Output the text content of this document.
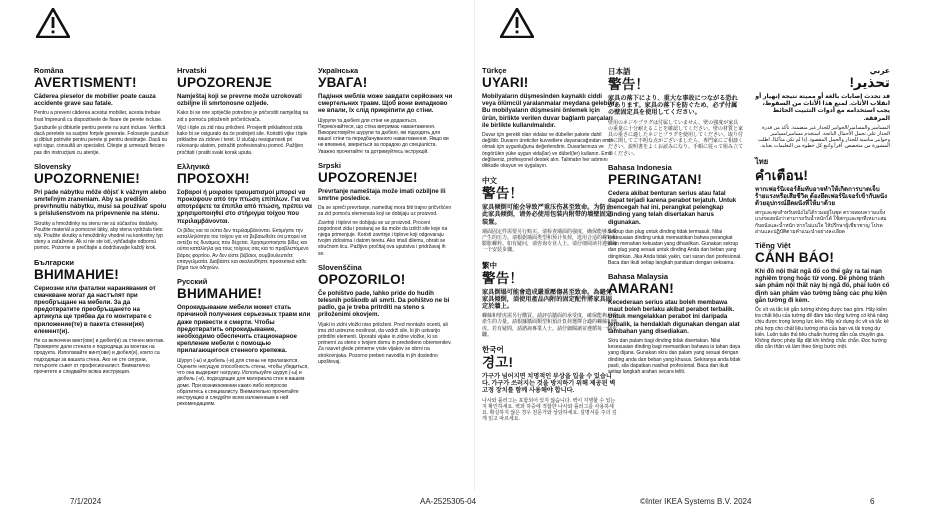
Româna
AVERTISMENT!
Căderea pieselor de mobilier poate cauza accidente grave sau fatale.
Pentru a preveni căderea acestui mobilier, acesta trebuie fixat împreună cu dispozitivele de fixare de perete incluse.
Şuruburile şi diblurile pentru perete nu sunt incluse. Verifică dacă peretele va susţine forţele generate. Foloseşte şuruburi şi dibluri potrivite pentru perete şi pentru destinaţie. Dacă nu eşti sigur, consultă un specialist. Citeşte şi urmează fiecare pas din instrucţiuni cu atenţie.
Slovensky
UPOZORNENIE!
Pri páde nábytku môže dôjsť k vážnym alebo smrteľným zraneniam. Aby sa predišlo prevrhnutiu nábytku, musí sa pouźívať spolu s príslušenstvom na pripevnenie na stenu.
Skrutky a hmoždinky na stenu nie sú súčasťou dodávky. Použite materiál a pomocné látky, aby stena vydržala tieto sily. Použite skrutky a hmoždinky vhodné na konkrétny typ steny a zaťaženie. Ak si nie ste istí, vyhľadajte odbornú pomoc. Pozorne si prečítajte a dodržiavajte každý krok.
Български
ВНИМАНИЕ!
Сериозни или фатални наранявания от смачкване могат да настъпят при преобръщане на мебели. За да предотвратите преобръщането на артикула ще трябва да го монтирате с приложение(те) в пакета стенни(ия) елемент(и).
Не са включени винт(ове) и дюбел(и) за стенен монтаж. Проверете дали стената е подходяща за монтаж на продукта. Използвайте винт(ове) и дюбел(и), които са подходящи за вашата стена. Ако не сте сигурни, потърсете съвет от професионалист. Внимателно прочетете и следвайте всяка инструкция.
Hrvatski
UPOZORENJE
Namještaj koji se prevrne može uzrokovati ozbiljne ili smrtonosne ozljede.
Kako bi se one spriječile potrebno je pričvrstiti namještaj na zid s pomoću priloženih pričvršćivača.
Vijci i tiple za zid nisu priloženi. Provjeriti prikladnost zida kako bi se osiguralo da će podnijeti sile. Koristiti vijke i tiple prikladne za zidove i teret. U slučaju nesigurnosti pri rukovanju alatom, potražiti profesionalnu pomoć. Pažljivo pročitati i pratiti svaki korak uputa.
Ελληνικά
ΠΡΟΣΟΧΗ!
Σοβαροί ή μοιραίοι τραυματισμοί μπορεί να προκύψουν από την πτώση επίπλων. Για να αποτρέψετε τα έπιπλα από πτώση, πρέπει να χρησιμοποιηθεί στο στήριγμα τοίχου που περιλαμβάνονται.
Οι βίδες και τα ούπα δεν περιλαμβάνονται. Εκτιμήστε την καταλληλότητα του τοίχου για να βεβαιωθείτε ότι μπορεί να αντέξει τις δυνάμεις που δέχεται. Χρησιμοποιήστε βίδες και ούπα κατάλληλα για τους τοίχους σας και το προβλεπόμενο βάρος φορτίου. Αν δεν είστε βέβαιοι, συμβουλευτείτε επαγγελματία. Διαβάστε και ακολουθήστε προσεκτικά κάθε βήμα των οδηγιών.
Русский
ВНИМАНИЕ!
Опрокидывание мебели может стать причиной получения серьезных травм или даже привести к смерти. Чтобы предотвратить опрокидывание, необходимо обеспечить стационарное крепление мебели с помощью прилагающегося стенного крепежа.
Шуруп (-ы) и дюбель (-и) для стены не прилагаются. Оцените несущую способность стены, чтобы убедиться, что она выдержит нагрузку. Используйте шуруп (-ы) и дюбель (-и), подходящие для материала стен в вашем доме. При возникновении каких-либо вопросов обратитесь к специалисту. Внимательно прочитайте инструкцию и следуйте всем изложенным в ней рекомендациям.
Українська
УВАГА!
Падіння меблів може завдати серйозних чи смертельних травм. Щоб вони випадково не впали, їх слід прикріпити до стіни.
Шурупи та дюбелі для стіни не додаються. Переконайтеся, що стіна витримає навантаження. Використовуйте шурупи та дюбелі, які підходять для вашої стіни та передбачуваного навантаження. Якщо ви не впевнені, зверніться за порадою до спеціаліста. Уважно прочитайте та дотримуйтесь інструкцій.
Srpski
UPOZORENJE!
Prevrtanje nameštaja može imati ozbiljne ili smrtne posledice.
Da se spreči prevrtanje, nameštaj mora biti trajno pričvršćen za zid pomoću elemenata koji se dobijaju uz proizvod.
Zavrtnji i tiplovi ne dobijaju se uz proizvod. Proceni pogodnost zida i postaraj se da može da izdrži sile koje na njega primenjuje. Koristi zavrtnje i tiplove koji odgovaraju tvojim zidovima i datom teretu. Ako imaš dilemu, obrati se stručnom licu. Pažljivo pročitaj ova uputstva i pridržavaj ih se.
Slovenščina
OPOZORILO!
Če pohištvo pade, lahko pride do hudih telesnih poškodb ali smrti. Da pohištvo ne bi padlo, ga je treba pritrditi na steno s priloženimi okovjem.
Vijaki in zidni vložki niso priloženi. Pred montažo ocenti, ali ima zid ustrezno nosilnost, da vzdrži sile, ki jih ustvarijo pritrdilni elementi. Uporabi vijake in zidne vložke, ki so primerni za steno v tvojem domu in predvideno obremenitev. Za nasvet glede primerne vrste vijakov se obrni na strokovnjaka. Pozorno preberi navodila in jih dosledno upoštevaj.
Türkçe
UYARI!
Mobilyaların düşmesinden kaynaklı ciddi veya ölümcül yaralanmalar meydana gelebilir. Bu mobilyaların düşmesini önlemek için ürün, birlikte verilen duvar bağlantı parçaları ile birlikte kullanılmalıdır.
Duvar için gerekli olan vidalar ve dübeller pakete dahil değildir. Duvarın üreticiler kuvvetlere dayanacağından emin olmak için uygunluğunu değerlendirin. Duvarlarınıza ve öngörülen yüke uygun vida(lar) ve dübel(ler) kullanın. Emin değilseniz, profesyonel destek alın. Talimatın her adımını dikkatle okuyun ve uygulayın.
中文
警告！
家具倾倒可能会导致严重压伤甚至致命。为防止此家具倾倒，请务必使用包装内附带的墙壁固定装置。
墙面固定件需要另行购买。请检查墙面的强度，确保能够承受产生的压力。请根据墙面类型和预计负荷，选用合适的螺钉和膨胀螺栓。如有疑问，请咨询专业人士。请仔细阅读并遵循每一个安装步骤。
繁中
警告！
家具倒塌可能會造成嚴重壓傷甚至致命。為避免家具傾倒，須使用產品內附的固定配件將家具固定於牆上。
螺絲和壁虎需另行購買。請評估牆面的承受度，確保能夠承受產生的力量。請根據牆面類型和預計負荷選擇合適的螺絲和壁虎。若有疑問，請諮詢專業人士。請仔細閱讀並遵循每一個步驟。
한국어
경고!
가구가 넘어지면 치명적인 부상을 입을 수 있습니다. 가구가 쓰러지는 것을 방지하기 위해 제공된 벽고정 장치를 함께 사용해야 합니다.
나사와 플러그는 포함되어 있지 않습니다. 벽이 지탱할 수 있는지 확인하세요. 벽과 하중에 적합한 나사와 플러그를 사용하세요. 확실하지 않은 경우 전문가와 상담하세요. 설명서를 주의 깊게 읽고 따르세요.
日本語
警告！
家具の落下により、重大な事故につながる恐れがあります。家具の落下を防ぐため、必ず付属の壁固定具を使用してください。
壁用のネジやプラグは付属していません。壁の強度が家具の重量に十分耐えることを確認してください。壁の材質と家具の重さに適したネジとプラグを使用してください。取り付けに関してご不明な点がございましたら、専門家にご相談ください。説明書をよくお読みになり、手順に従って組み立ててください。
Bahasa Indonesia
PERINGATAN!
Cedera akibat benturan serius atau fatal dapat terjadi karena perabot terjatuh. Untuk mencegah hal ini, perangkat pelengkap dinding yang telah disertakan harus digunakan.
Sekrup dan plug untuk dinding tidak termasuk. Nilai kesesuaian dinding untuk memastikan bahwa perangkat akan menahan kekuatan yang dihasilkan. Gunakan sekrup dan plug yang sesuai untuk dinding Anda dan beban yang diinginkan. Jika Anda tidak yakin, cari saran dari profesional. Baca dan ikuti setiap langkah panduan dengan seksama.
Bahasa Malaysia
AMARAN!
Kecederaan serius atau boleh membawa maut boleh berlaku akibat perabot terbalik. Untuk mengelakkan perabot ini daripada terbalik, ia hendaklah digunakan dengan alat tambahan yang disediakan.
Skru dan palam bagi dinding tidak disertakan. Nilai kesesuaian dinding bagi memastikan bahawa ia tahan daya yang dijana. Gunakan skru dan palam yang sesuai dengan dinding anda dan beban yang khusus. Sekiranya anda tidak pasti, sila dapatkan nasihat profesional. Baca dan ikuti setiap langkah arahan secara teliti.
عربي
تحذير!
قد تحدث إصابات بالغة أو مميتة نتيجة إنهيار أو انقلاب الأثاث. لمنع هذا الأثاث من السقوط، يجب استخدامه مع أدوات التثبيت الحائط المرفقة.
المسامير والمسامير/الخوابير للجدار غير متضمنة. تأكد من قدرة الجدار على تحمل الأحمال الناتجة. استخدم مسامير/مسامير وخوابير مناسبة للجدار والحمل المقصود. إذا لم تكن متأكدًا، اطلب المشورة من متخصص. اقرأ واتبع كل خطوة من التعليمات بعناية.
ไทย
คำเตือน!
หากเฟอร์นิเจอร์ล้มทับอาจทำให้เกิดการบาดเจ็บร้ายแรงหรือเสียชีวิต ต้องยึดเฟอร์นิเจอร์เข้ากับผนังด้วยอุปกรณ์ยึดผนังที่ให้มาด้วย
สกรูและพุกสำหรับผนังไม่ได้รวมอยู่ในชุด ตรวจสอบความแข็งแรงของผนังว่าสามารถรับน้ำหนักได้ ใช้สกรูและพุกที่เหมาะสมกับผนังและน้ำหนัก หากไม่แน่ใจ ให้ปรึกษาผู้เชี่ยวชาญ โปรดอ่านและปฏิบัติตามคำแนะนำอย่างละเอียด
Tiếng Việt
CẢNH BÁO!
Khi đồ nội thất ngã đổ có thể gây ra tai nạn nghiêm trọng hoặc tử vong. Để phòng tránh sản phẩm nội thất này bị ngã đổ, phải luôn cố định sản phẩm vào tường bằng các phụ kiện gắn tường đi kèm.
Ốc vít và tắc kê gắn tường không được bao gồm. Hãy kiểm tra chất liệu của tường để đảm bảo rằng tường có khả năng chịu được trọng lượng lực kéo. Hãy sử dụng ốc vít và tắc kê phù hợp cho chất liệu tường nhà của bạn và tải trọng dự kiến. Luôn tuân thủ tiêu chuẩn hướng dẫn của chuyên gia. Không được phép lắp đặt khi không chắc chắn. Đọc hướng dẫn cẩn thận và làm theo từng bước một.
7/1/2024	AA-2525305-04	©Inter IKEA Systems B.V. 2024	6
